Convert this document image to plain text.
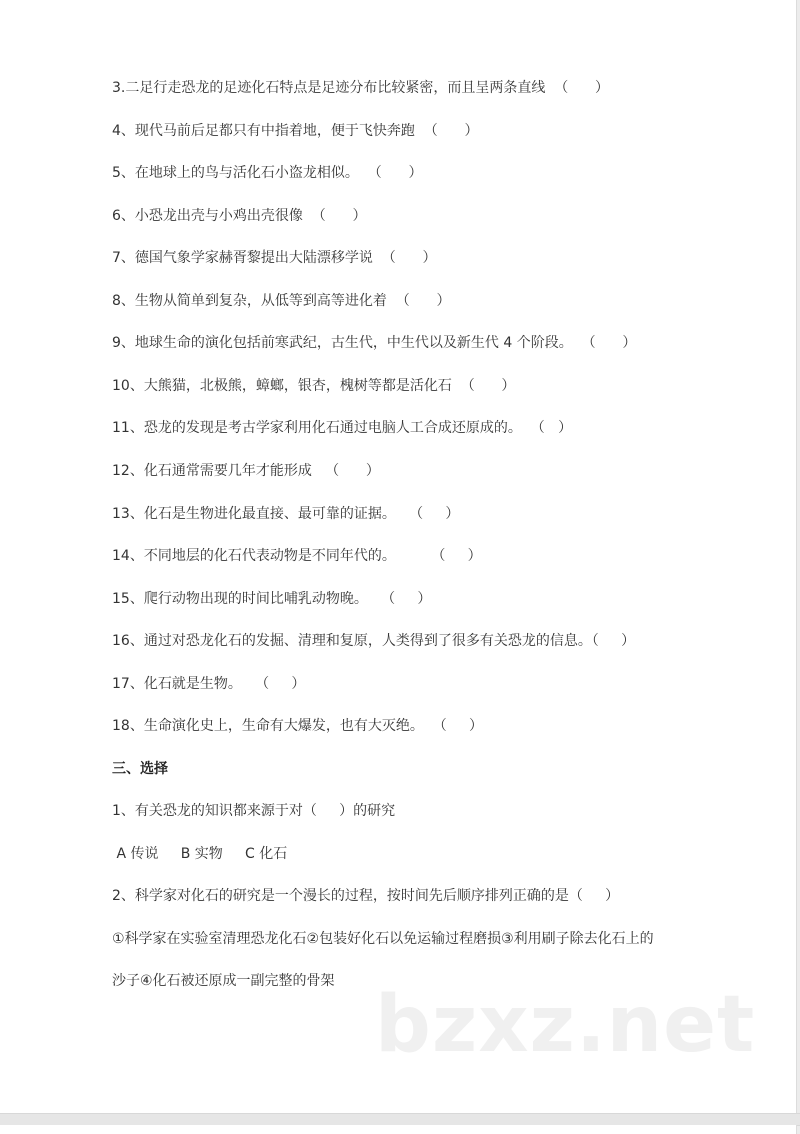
3.二足行走恐龙的足迹化石特点是足迹分布比较紧密，而且呈两条直线  （      ）
4、现代马前后足都只有中指着地，便于飞快奔跑  （      ）
5、在地球上的鸟与活化石小盗龙相似。  （      ）
6、小恐龙出壳与小鸡出壳很像  （      ）
7、德国气象学家赫胥黎提出大陆漂移学说  （      ）
8、生物从简单到复杂，从低等到高等进化着  （      ）
9、地球生命的演化包括前寒武纪，古生代，中生代以及新生代 4 个阶段。  （      ）
10、大熊猫，北极熊，蟑螂，银杏，槐树等都是活化石  （      ）
11、恐龙的发现是考古学家利用化石通过电脑人工合成还原成的。  （   ）
12、化石通常需要几年才能形成   （      ）
13、化石是生物进化最直接、最可靠的证据。   （     ）
14、不同地层的化石代表动物是不同年代的。        （     ）
15、爬行动物出现的时间比哺乳动物晚。   （     ）
16、通过对恐龙化石的发掘、清理和复原，人类得到了很多有关恐龙的信息。（     ）
17、化石就是生物。   （     ）
18、生命演化史上，生命有大爆发，也有大灭绝。  （     ）
三、选择
1、有关恐龙的知识都来源于对（     ）的研究
A 传说     B 实物     C 化石
2、科学家对化石的研究是一个漫长的过程，按时间先后顺序排列正确的是（     ）
①科学家在实验室清理恐龙化石②包装好化石以免运输过程磨损③利用刷子除去化石上的
沙子④化石被还原成一副完整的骨架 bzxz.net
